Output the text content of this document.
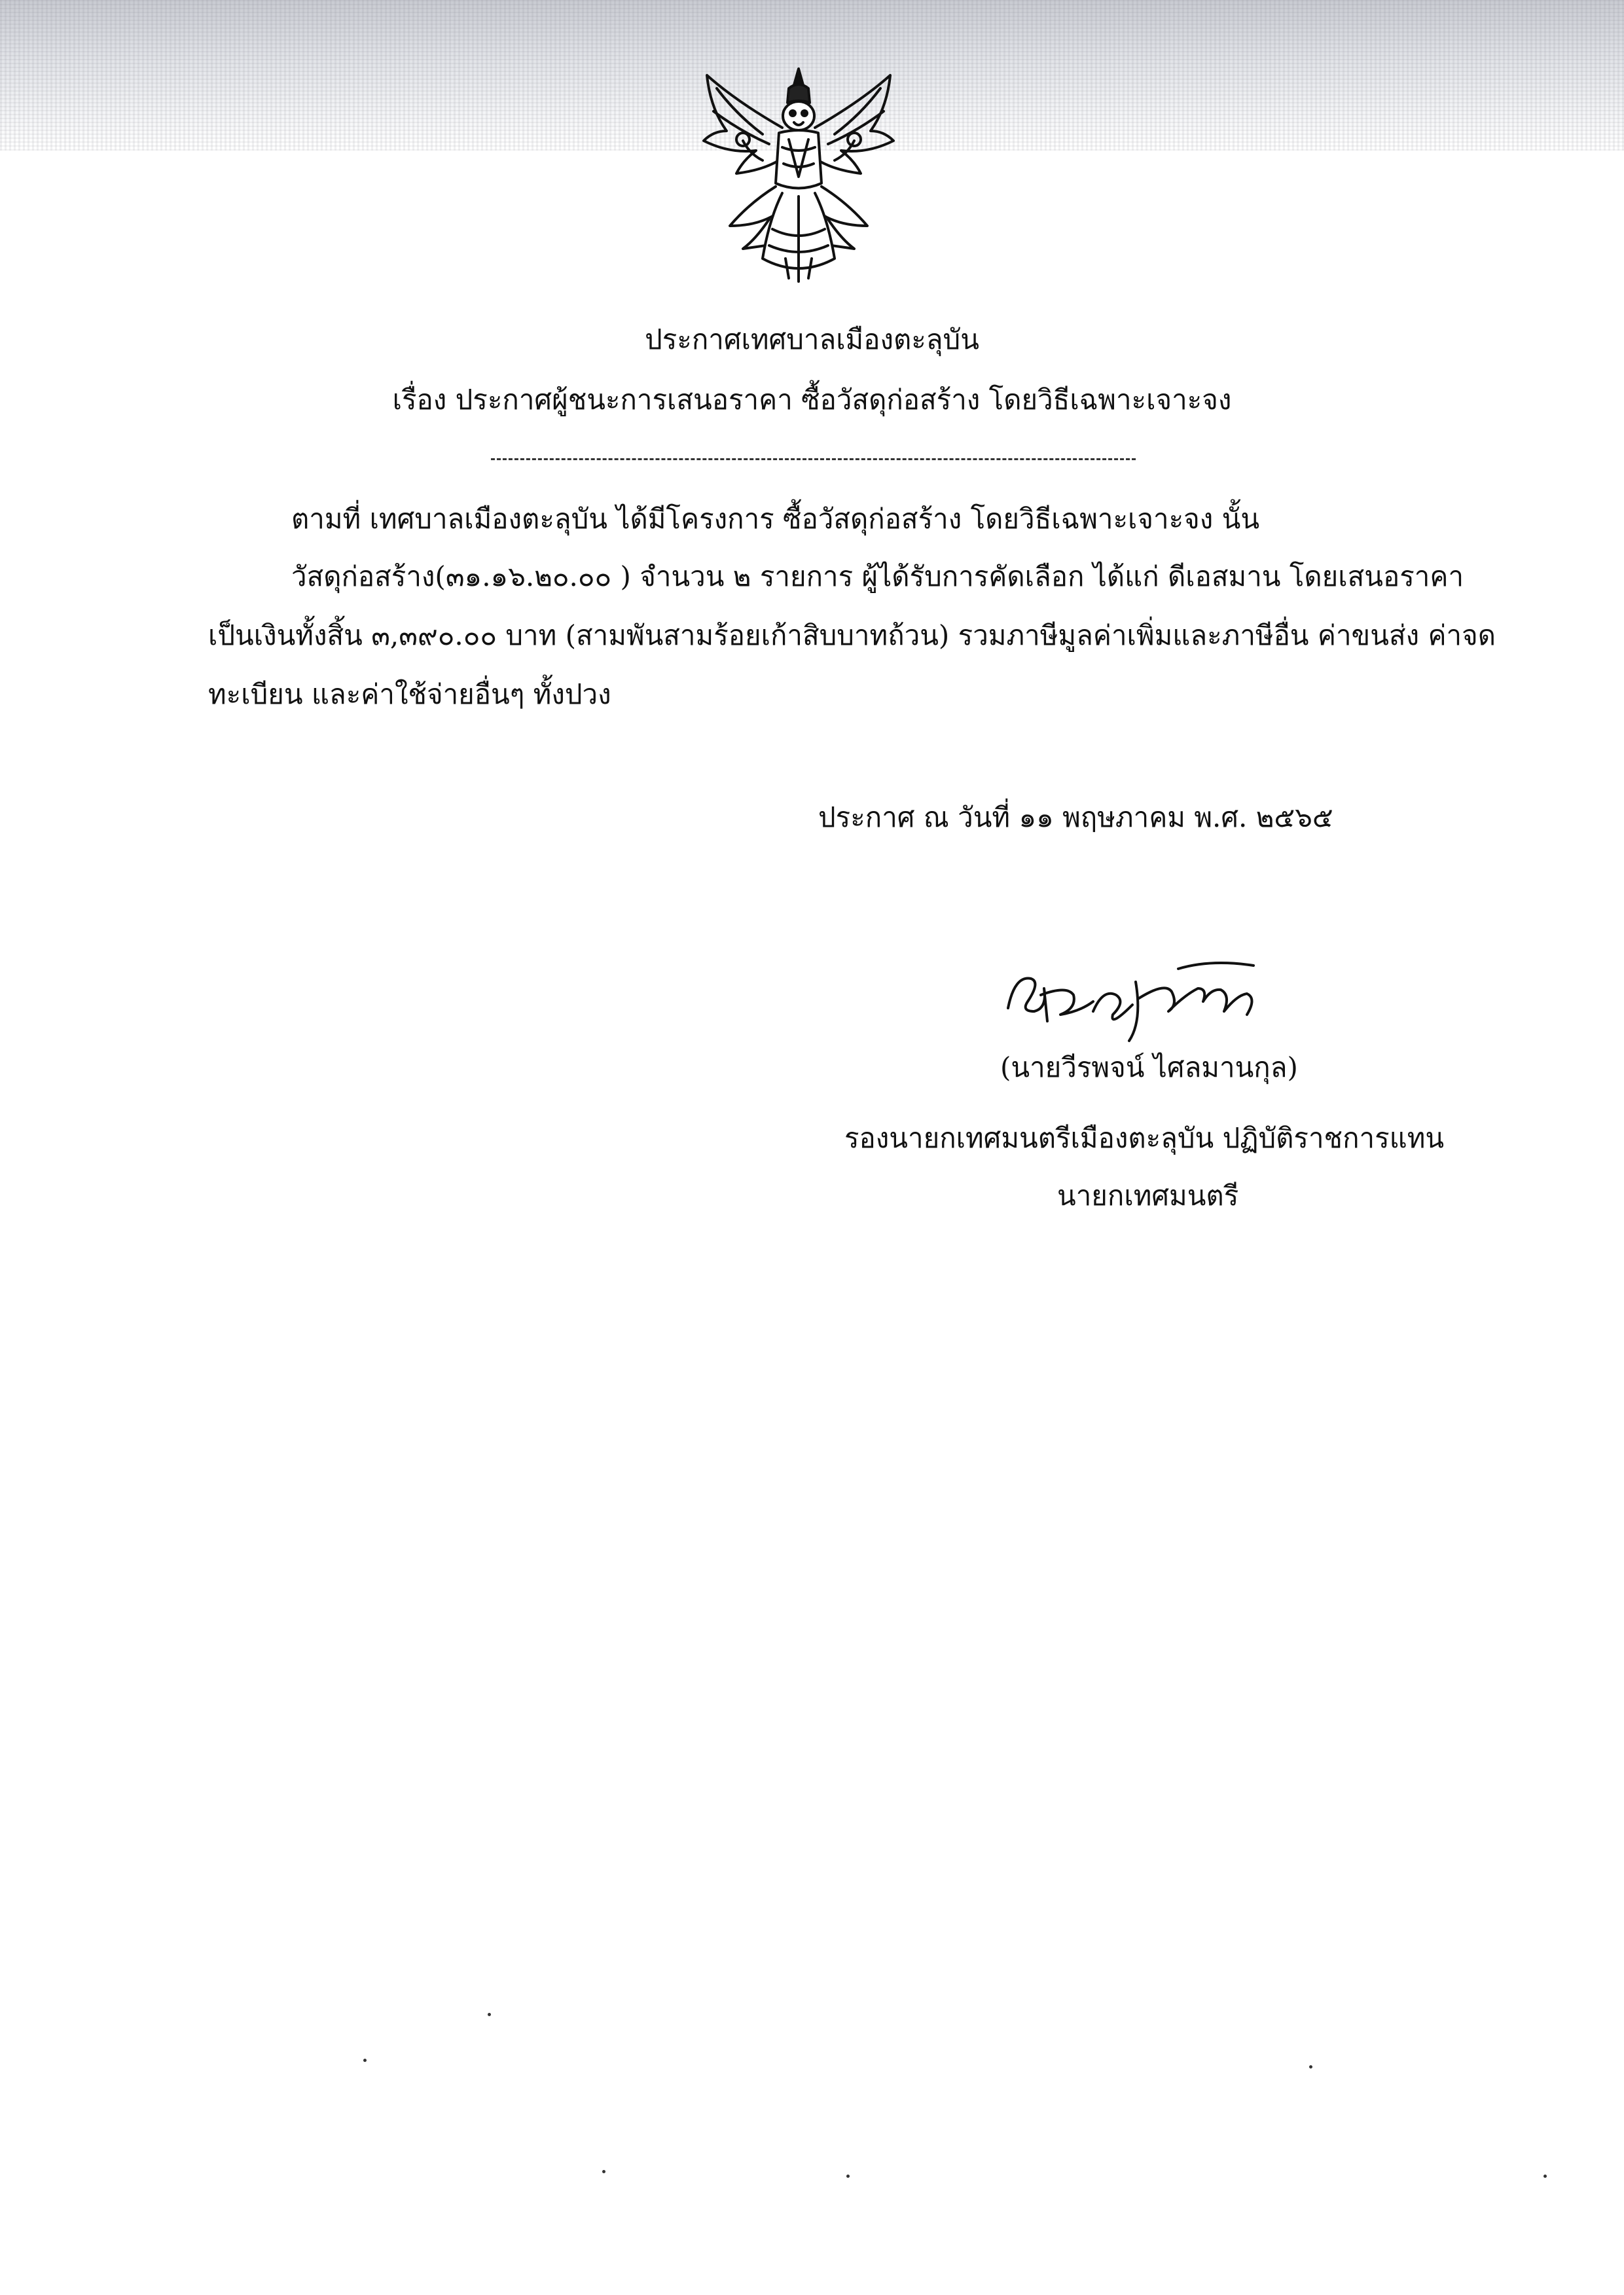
ประกาศเทศบาลเมืองตะลุบัน
เรื่อง ประกาศผู้ชนะการเสนอราคา ซื้อวัสดุก่อสร้าง โดยวิธีเฉพาะเจาะจง
ตามที่ เทศบาลเมืองตะลุบัน ได้มีโครงการ ซื้อวัสดุก่อสร้าง โดยวิธีเฉพาะเจาะจง นั้น
วัสดุก่อสร้าง(๓๑.๑๖.๒๐.๐๐ ) จำนวน ๒ รายการ ผู้ได้รับการคัดเลือก ได้แก่ ดีเอสมาน โดยเสนอราคา
เป็นเงินทั้งสิ้น ๓,๓๙๐.๐๐ บาท (สามพันสามร้อยเก้าสิบบาทถ้วน) รวมภาษีมูลค่าเพิ่มและภาษีอื่น ค่าขนส่ง ค่าจด
ทะเบียน และค่าใช้จ่ายอื่นๆ ทั้งปวง
ประกาศ ณ วันที่ ๑๑ พฤษภาคม พ.ศ. ๒๕๖๕
(นายวีรพจน์ ไศลมานกุล)
รองนายกเทศมนตรีเมืองตะลุบัน ปฏิบัติราชการแทน
นายกเทศมนตรี
